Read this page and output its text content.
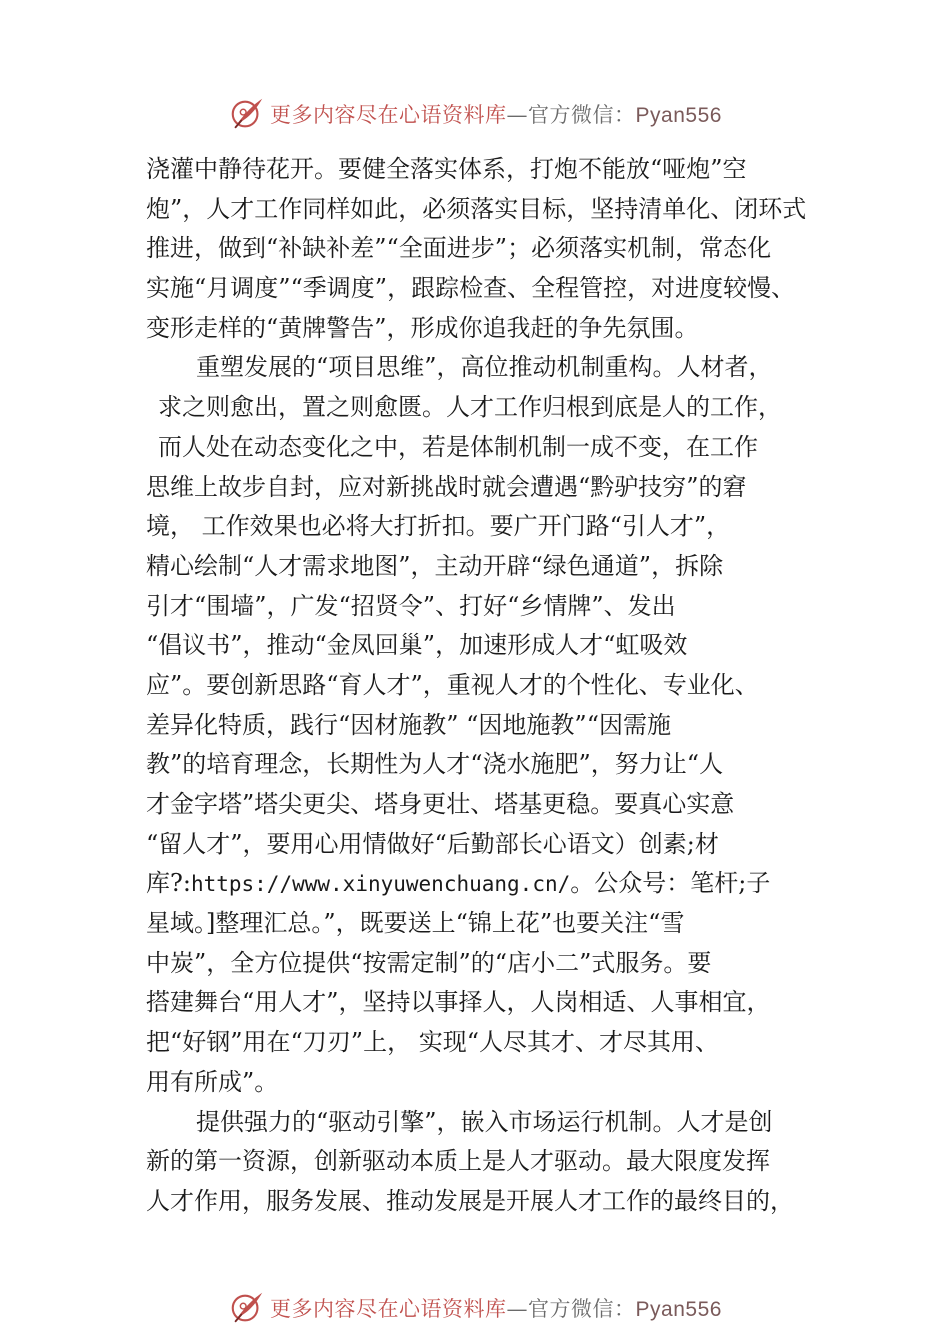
更多内容尽在心语资料库—官方微信：Pyan556
浇灌中静待花开。要健全落实体系，打炮不能放“哑炮”空
炮”，人才工作同样如此，必须落实目标，坚持清单化、闭环式
推进，做到“补缺补差”“全面进步”；必须落实机制，常态化
实施“月调度”“季调度”，跟踪检查、全程管控，对进度较慢、
变形走样的“黄牌警告”，形成你追我赶的争先氛围。
重塑发展的“项目思维”，高位推动机制重构。人材者，
求之则愈出，置之则愈匮。人才工作归根到底是人的工作，
而人处在动态变化之中，若是体制机制一成不变，在工作
思维上故步自封，应对新挑战时就会遭遇“黔驴技穷”的窘
境， 工作效果也必将大打折扣。要广开门路“引人才”，
精心绘制“人才需求地图”，主动开辟“绿色通道”，拆除
引才“围墙”，广发“招贤令”、打好“乡情牌”、发出
“倡议书”，推动“金凤回巢”，加速形成人才“虹吸效
应”。要创新思路“育人才”，重视人才的个性化、专业化、
差异化特质，践行“因材施教” “因地施教”“因需施
教”的培育理念，长期性为人才“浇水施肥”，努力让“人
才金字塔”塔尖更尖、塔身更壮、塔基更稳。要真心实意
“留人才”，要用心用情做好“后勤部长心语文）创素;材
库?:https://www.xinyuwenchuang.cn/。公众号：笔杆;子
星域。]整理汇总。”，既要送上“锦上花”也要关注“雪
中炭”，全方位提供“按需定制”的“店小二”式服务。要
搭建舞台“用人才”，坚持以事择人，人岗相适、人事相宜，
把“好钢”用在“刀刃”上， 实现“人尽其才、才尽其用、
用有所成”。
提供强力的“驱动引擎”，嵌入市场运行机制。人才是创
新的第一资源，创新驱动本质上是人才驱动。最大限度发挥
人才作用，服务发展、推动发展是开展人才工作的最终目的，
更多内容尽在心语资料库—官方微信：Pyan556
